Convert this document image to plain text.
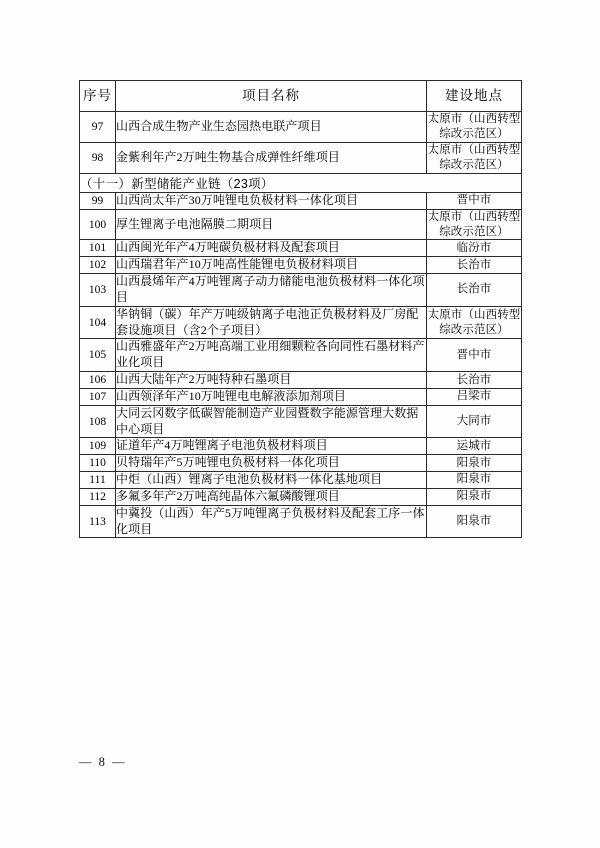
序号	项目名称	建设地点
97	山西合成生物产业生态园热电联产项目	太原市（山西转型综改示范区）
98	金紫利年产2万吨生物基合成弹性纤维项目	太原市（山西转型综改示范区）
（十一）新型储能产业链（23项）		
99	山西尚太年产30万吨锂电负极材料一体化项目	晋中市
100	厚生锂离子电池隔膜二期项目	太原市（山西转型综改示范区）
101	山西闽光年产4万吨碳负极材料及配套项目	临汾市
102	山西瑞君年产10万吨高性能锂电负极材料项目	长治市
103	山西晨烯年产4万吨锂离子动力储能电池负极材料一体化项目	长治市
104	华钠铜（碳）年产万吨级钠离子电池正负极材料及厂房配套设施项目（含2个子项目）	太原市（山西转型综改示范区）
105	山西雅盛年产2万吨高端工业用细颗粒各向同性石墨材料产业化项目	晋中市
106	山西大陆年产2万吨特种石墨项目	长治市
107	山西领泽年产10万吨锂电电解液添加剂项目	吕梁市
108	大同云冈数字低碳智能制造产业园暨数字能源管理大数据中心项目	大同市
109	证道年产4万吨锂离子电池负极材料项目	运城市
110	贝特瑞年产5万吨锂电负极材料一体化项目	阳泉市
111	中炬（山西）锂离子电池负极材料一体化基地项目	阳泉市
112	多氟多年产2万吨高纯晶体六氟磷酸锂项目	阳泉市
113	中冀投（山西）年产5万吨锂离子负极材料及配套工序一体化项目	阳泉市
— 8 —
